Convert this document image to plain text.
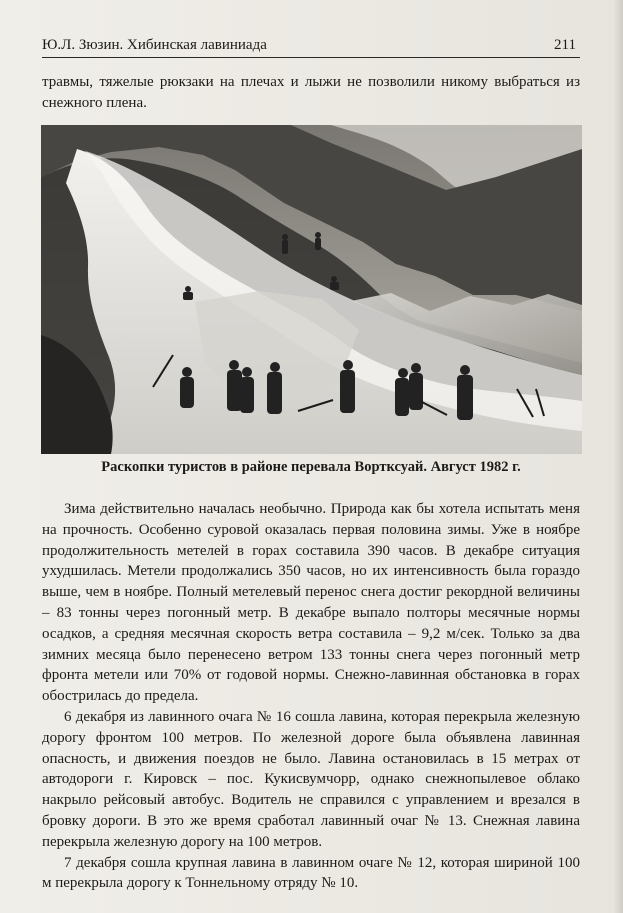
Ю.Л. Зюзин. Хибинская лавиниада	211

травмы, тяжелые рюкзаки на плечах и лыжи не позволили никому выбраться из снежного плена.

Раскопки туристов в районе перевала Вортксуай. Август 1982 г.

Зима действительно началась необычно. Природа как бы хотела испытать меня на прочность. Особенно суровой оказалась первая половина зимы. Уже в ноябре продолжительность метелей в горах составила 390 часов. В декабре ситуация ухудшилась. Метели продолжались 350 часов, но их интенсивность была гораздо выше, чем в ноябре. Полный метелевый перенос снега достиг рекордной величины – 83 тонны через погонный метр. В декабре выпало полторы месячные нормы осадков, а средняя месячная скорость ветра составила – 9,2 м/сек. Только за два зимних месяца было перенесено ветром 133 тонны снега через погонный метр фронта метели или 70% от годовой нормы. Снежно-лавинная обстановка в горах обострилась до предела.

6 декабря из лавинного очага № 16 сошла лавина, которая перекрыла железную дорогу фронтом 100 метров. По железной дороге была объявлена лавинная опасность, и движения поездов не было. Лавина остановилась в 15 метрах от автодороги г. Кировск – пос. Кукисвумчорр, однако снежнопылевое облако накрыло рейсовый автобус. Водитель не справился с управлением и врезался в бровку дороги. В это же время сработал лавинный очаг № 13. Снежная лавина перекрыла железную дорогу на 100 метров.

7 декабря сошла крупная лавина в лавинном очаге № 12, которая шириной 100 м перекрыла дорогу к Тоннельному отряду № 10.
